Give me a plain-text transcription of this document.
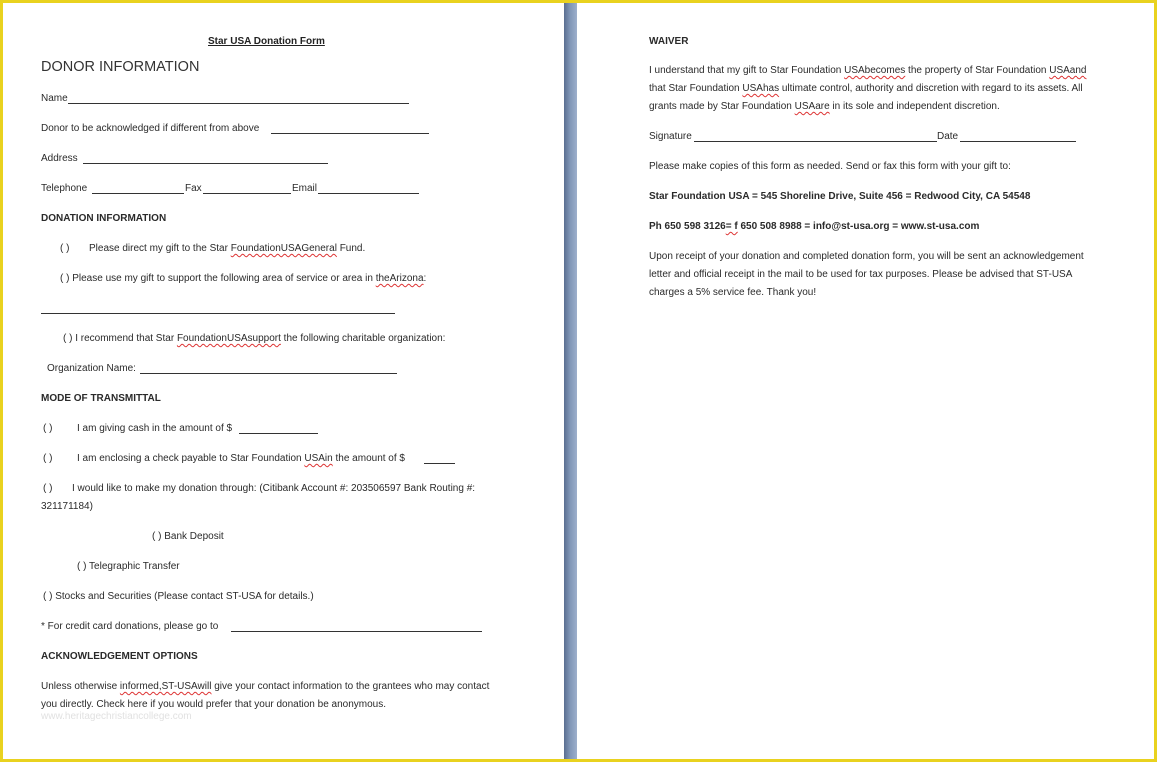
Star USA Donation Form
DONOR INFORMATION
Name
Donor to be acknowledged if different from above
Address
Telephone	Fax	Email
DONATION INFORMATION
( ) Please direct my gift to the Star FoundationUSAGeneral Fund.
( ) Please use my gift to support the following area of service or area in theArizona:
( ) I recommend that Star FoundationUSAsupport the following charitable organization:
Organization Name:
MODE OF TRANSMITTAL
( ) I am giving cash in the amount of $
( ) I am enclosing a check payable to Star Foundation USAin the amount of $
( ) I would like to make my donation through: (Citibank Account #: 203506597 Bank Routing #:
321171184)
( ) Bank Deposit
( ) Telegraphic Transfer
( ) Stocks and Securities (Please contact ST-USA for details.)
* For credit card donations, please go to
ACKNOWLEDGEMENT OPTIONS
Unless otherwise informed,ST-USAwill give your contact information to the grantees who may contact
you directly. Check here if you would prefer that your donation be anonymous.
www.heritagechristiancollege.com
WAIVER
I understand that my gift to Star Foundation USAbecomes the property of Star Foundation USAand
that Star Foundation USAhas ultimate control, authority and discretion with regard to its assets. All
grants made by Star Foundation USAare in its sole and independent discretion.
Signature	Date
Please make copies of this form as needed. Send or fax this form with your gift to:
Star Foundation USA = 545 Shoreline Drive, Suite 456 = Redwood City, CA 54548
Ph 650 598 3126= f 650 508 8988 = info@st-usa.org = www.st-usa.com
Upon receipt of your donation and completed donation form, you will be sent an acknowledgement
letter and official receipt in the mail to be used for tax purposes. Please be advised that ST-USA
charges a 5% service fee. Thank you!
